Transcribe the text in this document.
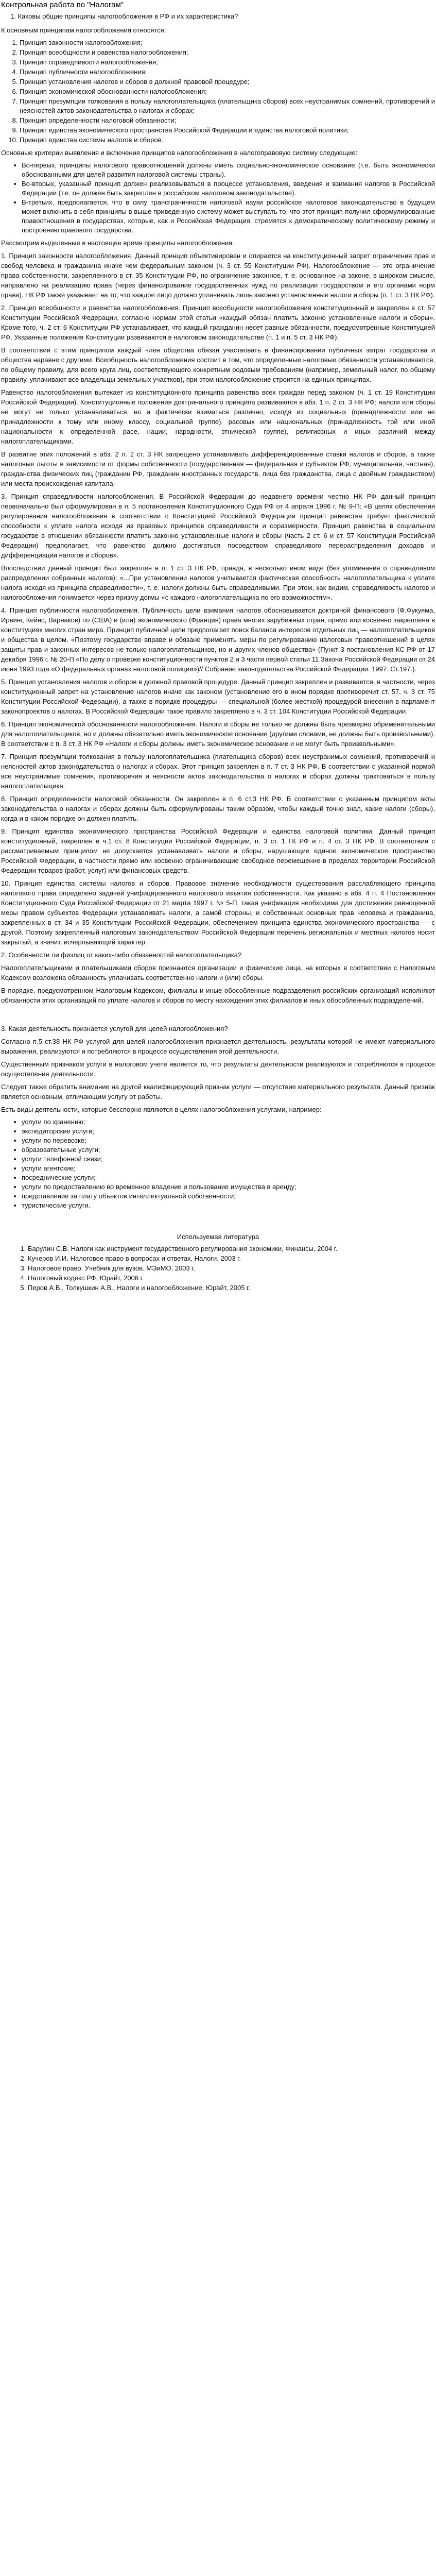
Контрольная работа по "Налогам"
1. Каковы общие принципы налогообложения в РФ и их характеристика?

К основным принципам налогообложения относятся:

1. Принцип законности налогообложения;
2. Принцип всеобщности и равенства налогообложения;
3. Принцип справедливости налогообложения;
4. Принцип публичности налогообложения;
5. Принцип установления налогов и сборов в должной правовой процедуре;
6. Принцип экономической обоснованности налогообложения;
7. Принцип презумпции толкования в пользу налогоплательщика (плательщика сборов) всех неустранимых сомнений, противоречий и неясностей актов законодательства о налогах и сборах;
8. Принцип определенности налоговой обязанности;
9. Принцип единства экономического пространства Российской Федерации и единства налоговой политики;
10. Принцип единства системы налогов и сборов.

Основные критерии выявления и включения принципов налогообложения в налогоправовую систему следующие:

• Во-первых, принципы налогового правоотношений должны иметь социально-экономическое основание (т.е. быть экономически обоснованными для целей развития налоговой системы страны).
• Во-вторых, указанный принцип должен реализовываться в процессе установления, введения и взимания налогов в Российской Федерации (т.е. он должен быть закреплен в российском налоговом законодательстве).
• В-третьих, предполагается, что в силу трансграничности налоговой науки российское налоговое законодательство в будущем может включить в себя принципы в выше приведенную систему может выступать то, что этот принцип-получил сформулированные правоотношения в государствах, которые, как и Российская Федерация, стремятся к демократическому политическому режиму и построению правового государства.

Рассмотрим выделенные в настоящее время принципы налогообложения.

1. Принцип законности налогообложения. Данный принцип объективирован и опирается на конституционный запрет ограничения прав и свобод человека и гражданина иначе чем федеральным законом (ч. 3 ст. 55 Конституции РФ). Налогообложение — это ограничение права собственности, закрепленного в ст. 35 Конституции РФ, но ограничение законное, т. е. основанное на законе, в широком смысле, направлено на реализацию права (через финансирование государственных нужд по реализации государством и его органами норм права). НК РФ также указывает на то, что каждое лицо должно уплачивать лишь законно установленные налоги и сборы (п. 1 ст. 3 НК РФ).

2. Принцип всеобщности и равенства налогообложения. Принцип всеобщности налогообложения конституционный и закреплен в ст. 57 Конституции Российской Федерации, согласно нормам этой статьи «каждый обязан платить законно установленные налоги и сборы». Кроме того, ч. 2 ст. 6 Конституции РФ устанавливает, что каждый гражданин несет равные обязанности, предусмотренные Конституцией РФ. Указанные положения Конституции развиваются в налоговом законодательстве (п. 1 и п. 5 ст. 3 НК РФ).

В соответствии с этим принципом каждый член общества обязан участвовать в финансировании публичных затрат государства и общества наравне с другими. Всеобщность налогообложения состоит в том, что определенные налоговые обязанности устанавливаются, по общему правилу, для всего круга лиц, соответствующего конкретным родовым требованиям (например, земельный налог, по общему правилу, уплачивают все владельцы земельных участков), при этом налогообложение строится на единых принципах.

Равенство налогообложения вытекает из конституционного принципа равенства всех граждан перед законом (ч. 1 ст. 19 Конституции Российской Федерации). Конституционные положения доктринального принципа развиваются в абз. 1 п. 2 ст. 3 НК РФ: налоги или сборы не могут не только устанавливаться, но и фактически взиматься различно, исходя из социальных (принадлежности или не принадлежности к тому или иному классу, социальной группе), расовых или национальных (принадлежность той или иной национальности к определенной расе, нации, народности, этнической группе), религиозных и иных различий между налогоплательщиками.

В развитие этих положений в абз. 2 п. 2 ст. 3 НК запрещено устанавливать дифференцированные ставки налогов и сборов, а также налоговые льготы в зависимости от формы собственности (государственная — федеральная и субъектов РФ, муниципальная, частная), гражданства физических лиц (гражданин РФ, гражданин иностранных государств, лица без гражданства, лица с двойным гражданством) или места происхождения капитала.

3. Принцип справедливости налогообложения. В Российской Федерации до недавнего времени честно НК РФ данный принцип первоначально был сформулирован в п. 5 постановления Конституционного Суда РФ от 4 апреля 1996 г. № 9-П: «В целях обеспечения регулирования налогообложения в соответствии с Конституцией Российской Федерации принцип равенства требует фактической способности к уплате налога исходя из правовых принципов справедливости и соразмерности. Принцип равенства в социальном государстве в отношении обязанности платить законно установленные налоги и сборы (часть 2 ст. 6 и ст. 57 Конституции Российской Федерации) предполагает, что равенство должно достигаться посредством справедливого перераспределения доходов и дифференциации налогов и сборов».

Впоследствии данный принцип был закреплен в п. 1 ст. 3 НК РФ, правда, в несколько ином виде (без упоминания о справедливом распределении собранных налогов): «...При установлении налогов учитывается фактическая способность налогоплательщика к уплате налога исходя из принципа справедливости», т. е. налоги должны быть справедливыми. При этом, как видим, справедливость налогов и налогообложения понимается через призму догмы «с каждого налогоплательщика по его возможностям».

4. Принцип публичности налогообложения. Публичность цели взимания налогов обосновывается доктриной финансового (Ф.Фукуяма, Ирвинг, Кейнс, Варнаков) по (США) и (или) экономического (Франция) права многих зарубежных стран, прямо или косвенно закреплена в конституциях многих стран мира. Принцип публичной цели предполагает поиск баланса интересов отдельных лиц — налогоплательщиков и общества в целом. «Поэтому государство вправе и обязано применять меры по регулированию налоговых правоотношений в целях защиты прав и законных интересов не только налогоплательщиков, но и других членов общества» (Пункт 3 постановления КС РФ от 17 декабря 1996 г. № 20-П «По делу о проверке конституционности пунктов 2 и 3 части первой статьи 11 Закона Российской Федерации от 24 июня 1993 года «О федеральных органах налоговой полиции»)// Собрание законодательства Российской Федерации. 1997. Ст.197.).

5. Принцип установления налогов и сборов в должной правовой процедуре. Данный принцип закреплен и развивается, в частности, через конституционный запрет на установление налогов иначе как законом (установление его в ином порядке противоречит ст. 57, ч. 3 ст. 75 Конституции Российской Федерации), а также в порядке процедуры — специальной (более жесткой) процедурой внесения в парламент законопроектов о налогах. В Российской Федерации такое правило закреплено в ч. 3 ст. 104 Конституции Российской Федерации.

6. Принцип экономической обоснованности налогообложения. Налоги и сборы не только не должны быть чрезмерно обременительными для налогоплательщиков, но и должны обязательно иметь экономическое основание (другими словами, не должны быть произвольными). В соответствии с п. 3 ст. 3 НК РФ «Налоги и сборы должны иметь экономическое основание и не могут быть произвольными».

7. Принцип презумпции толкования в пользу налогоплательщика (плательщика сборов) всех неустранимых сомнений, противоречий и неясностей актов законодательства о налогах и сборах. Этот принцип закреплен в п. 7 ст. 3 НК РФ. В соответствии с указанной нормой все неустранимые сомнения, противоречия и неясности актов законодательства о налогах и сборах должны трактоваться в пользу налогоплательщика.

8. Принцип определенности налоговой обязанности. Он закреплен в п. 6 ст.3 НК РФ. В соответствии с указанным принципом акты законодательства о налогах и сборах должны быть сформулированы таким образом, чтобы каждый точно знал, какие налоги (сборы), когда и в каком порядке он должен платить.

9. Принцип единства экономического пространства Российской Федерации и единства налоговой политики. Данный принцип конституционный, закреплен в ч.1 ст. 8 Конституции Российской Федерации, п. 3 ст. 1 ГК РФ и п. 4 ст. 3 НК РФ. В соответствии с рассматриваемым принципом не допускается устанавливать налоги и сборы, нарушающие единое экономическое пространство Российской Федерации, в частности прямо или косвенно ограничивающие свободное перемещение в пределах территории Российской Федерации товаров (работ, услуг) или финансовых средств.

10. Принцип единства системы налогов и сборов. Правовое значение необходимости существования расслабляющего принципа налогового права определено задачей унифицированного налогового изъятия собственности. Как указано в абз. 4 п. 4 Постановления Конституционного Суда Российской Федерации от 21 марта 1997 г. № 5-П, такая унификация необходима для достижения равноценной меры правом субъектов Федерации устанавливать налоги, а самой стороны, и собственных основных прав человека и гражданина, закрепленных в ст. 34 и 35 Конституции Российской Федерации, обеспечением принципа единства экономического пространства — с другой. Поэтому закрепленный налоговым законодательством Российской Федерации перечень региональных и местных налогов носит закрытый, а значит, исчерпывающий характер.

2. Особенности ли физлиц от каких-либо обязанностей налогоплательщика?

Налогоплательщиками и плательщиками сборов признаются организации и физические лица, на которых в соответствии с Налоговым Кодексом возложена обязанность уплачивать соответственно налоги и (или) сборы.

В порядке, предусмотренном Налоговым Кодексом, филиалы и иные обособленные подразделения российских организаций исполняют обязанности этих организаций по уплате налогов и сборов по месту нахождения этих филиалов и иных обособленных подразделений.

3. Какая деятельность признается услугой для целей налогообложения?

Согласно п.5 ст.38 НК РФ услугой для целей налогообложения признается деятельность, результаты которой не имеют материального выражения, реализуются и потребляются в процессе осуществления этой деятельности.

Существенным признаком услуги в налоговом учете является то, что результаты деятельности реализуются и потребляются в процессе осуществления деятельности.

Следует также обратить внимание на другой квалифицирующий признак услуги — отсутствие материального результата. Данный признак является основным, отличающим услугу от работы.

Есть виды деятельности, которые бесспорно являются в целях налогообложения услугами, например:

• услуги по хранению;
• экспедиторские услуги;
• услуги по перевозке;
• образовательные услуги;
• услуги телефонной связи;
• услуги агентские;
• посреднические услуги;
• услуги по предоставлению во временное владение и пользование имущества в аренду;
• представление за плату объектов интеллектуальной собственности;
• туристические услуги.

Используемая литература

1. Барулин С.В. Налоги как инструмент государственного регулирования экономики, Финансы, 2004 г.
2. Кучеров И.И. Налоговое право в вопросах и ответах. Налоги, 2003 г.
3. Налоговое право. Учебник для вузов. МЭиМО, 2003 г.
4. Налоговый кодекс РФ, Юрайт, 2006 г.
5. Перов А.В., Толкушкин А.В., Налоги и налогообложение, Юрайт, 2005 г.
